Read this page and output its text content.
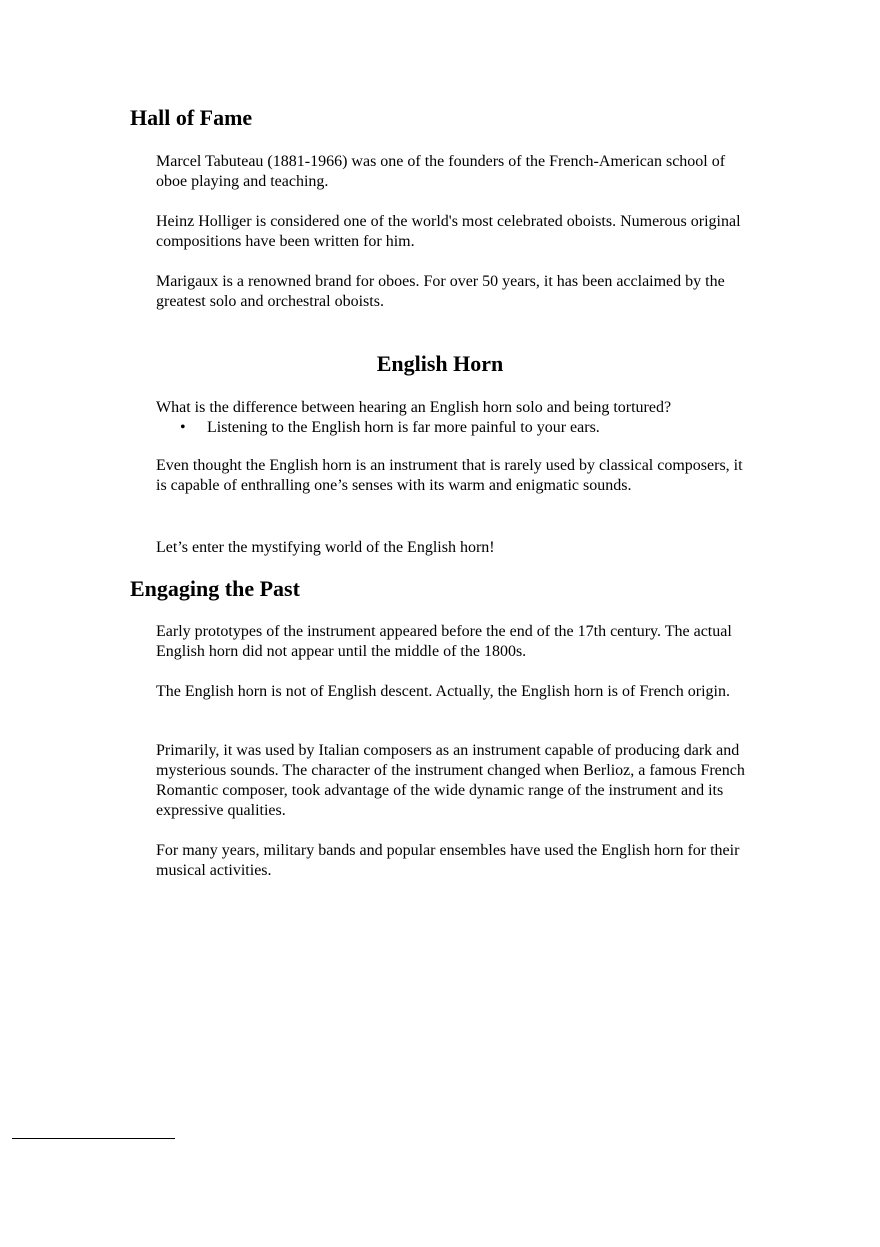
Hall of Fame

Marcel Tabuteau (1881-1966) was one of the founders of the French-American school of oboe playing and teaching.

Heinz Holliger is considered one of the world's most celebrated oboists. Numerous original compositions have been written for him.

Marigaux is a renowned brand for oboes. For over 50 years, it has been acclaimed by the greatest solo and orchestral oboists.

English Horn

What is the difference between hearing an English horn solo and being tortured?

• Listening to the English horn is far more painful to your ears.

Even thought the English horn is an instrument that is rarely used by classical composers, it is capable of enthralling one’s senses with its warm and enigmatic sounds.

Let’s enter the mystifying world of the English horn!

Engaging the Past

Early prototypes of the instrument appeared before the end of the 17th century. The actual English horn did not appear until the middle of the 1800s.

The English horn is not of English descent. Actually, the English horn is of French origin.

Primarily, it was used by Italian composers as an instrument capable of producing dark and mysterious sounds. The character of the instrument changed when Berlioz, a famous French Romantic composer, took advantage of the wide dynamic range of the instrument and its expressive qualities.

For many years, military bands and popular ensembles have used the English horn for their musical activities.
